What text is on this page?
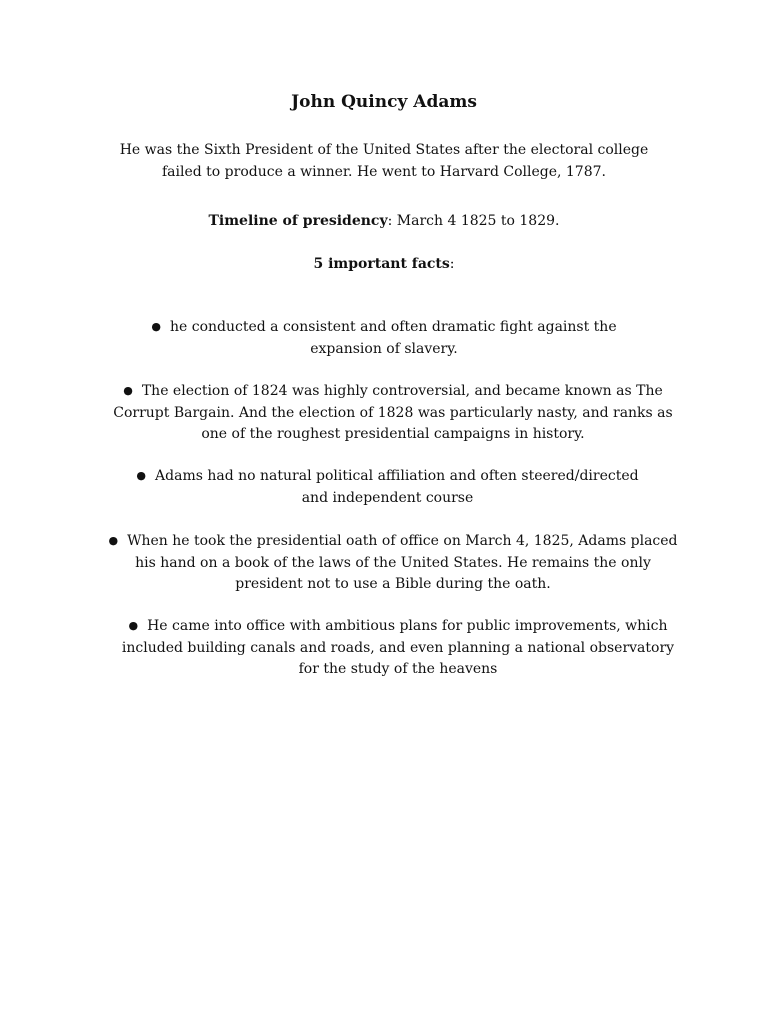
John Quincy Adams
He was the Sixth President of the United States after the electoral college failed to produce a winner. He went to Harvard College, 1787.
Timeline of presidency: March 4 1825 to 1829.
5 important facts:
● he conducted a consistent and often dramatic fight against the expansion of slavery.
● The election of 1824 was highly controversial, and became known as The Corrupt Bargain. And the election of 1828 was particularly nasty, and ranks as one of the roughest presidential campaigns in history.
● Adams had no natural political affiliation and often steered/directed and independent course
● When he took the presidential oath of office on March 4, 1825, Adams placed his hand on a book of the laws of the United States. He remains the only president not to use a Bible during the oath.
● He came into office with ambitious plans for public improvements, which included building canals and roads, and even planning a national observatory for the study of the heavens
